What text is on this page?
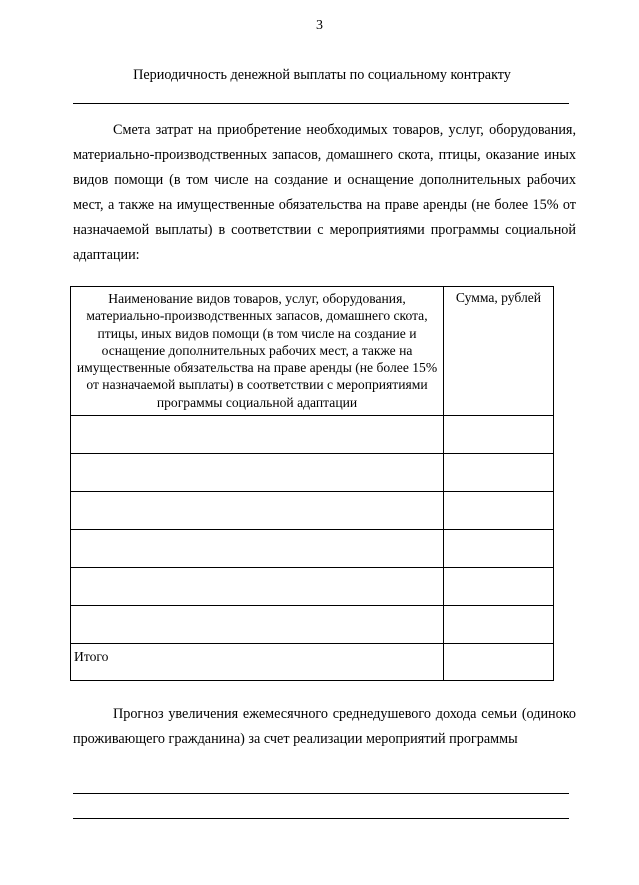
3
Периодичность денежной выплаты по социальному контракту

Смета затрат на приобретение необходимых товаров, услуг, оборудования, материально-производственных запасов, домашнего скота, птицы, оказание иных видов помощи (в том числе на создание и оснащение дополнительных рабочих мест, а также на имущественные обязательства на праве аренды (не более 15% от назначаемой выплаты) в соответствии с мероприятиями программы социальной адаптации:

Наименование видов товаров, услуг, оборудования, материально-производственных запасов, домашнего скота, птицы, иных видов помощи (в том числе на создание и оснащение дополнительных рабочих мест, а также на имущественные обязательства на праве аренды (не более 15% от назначаемой выплаты) в соответствии с мероприятиями программы социальной адаптации	Сумма, рублей

Итого	

Прогноз увеличения ежемесячного среднедушевого дохода семьи (одиноко проживающего гражданина) за счет реализации мероприятий программы
